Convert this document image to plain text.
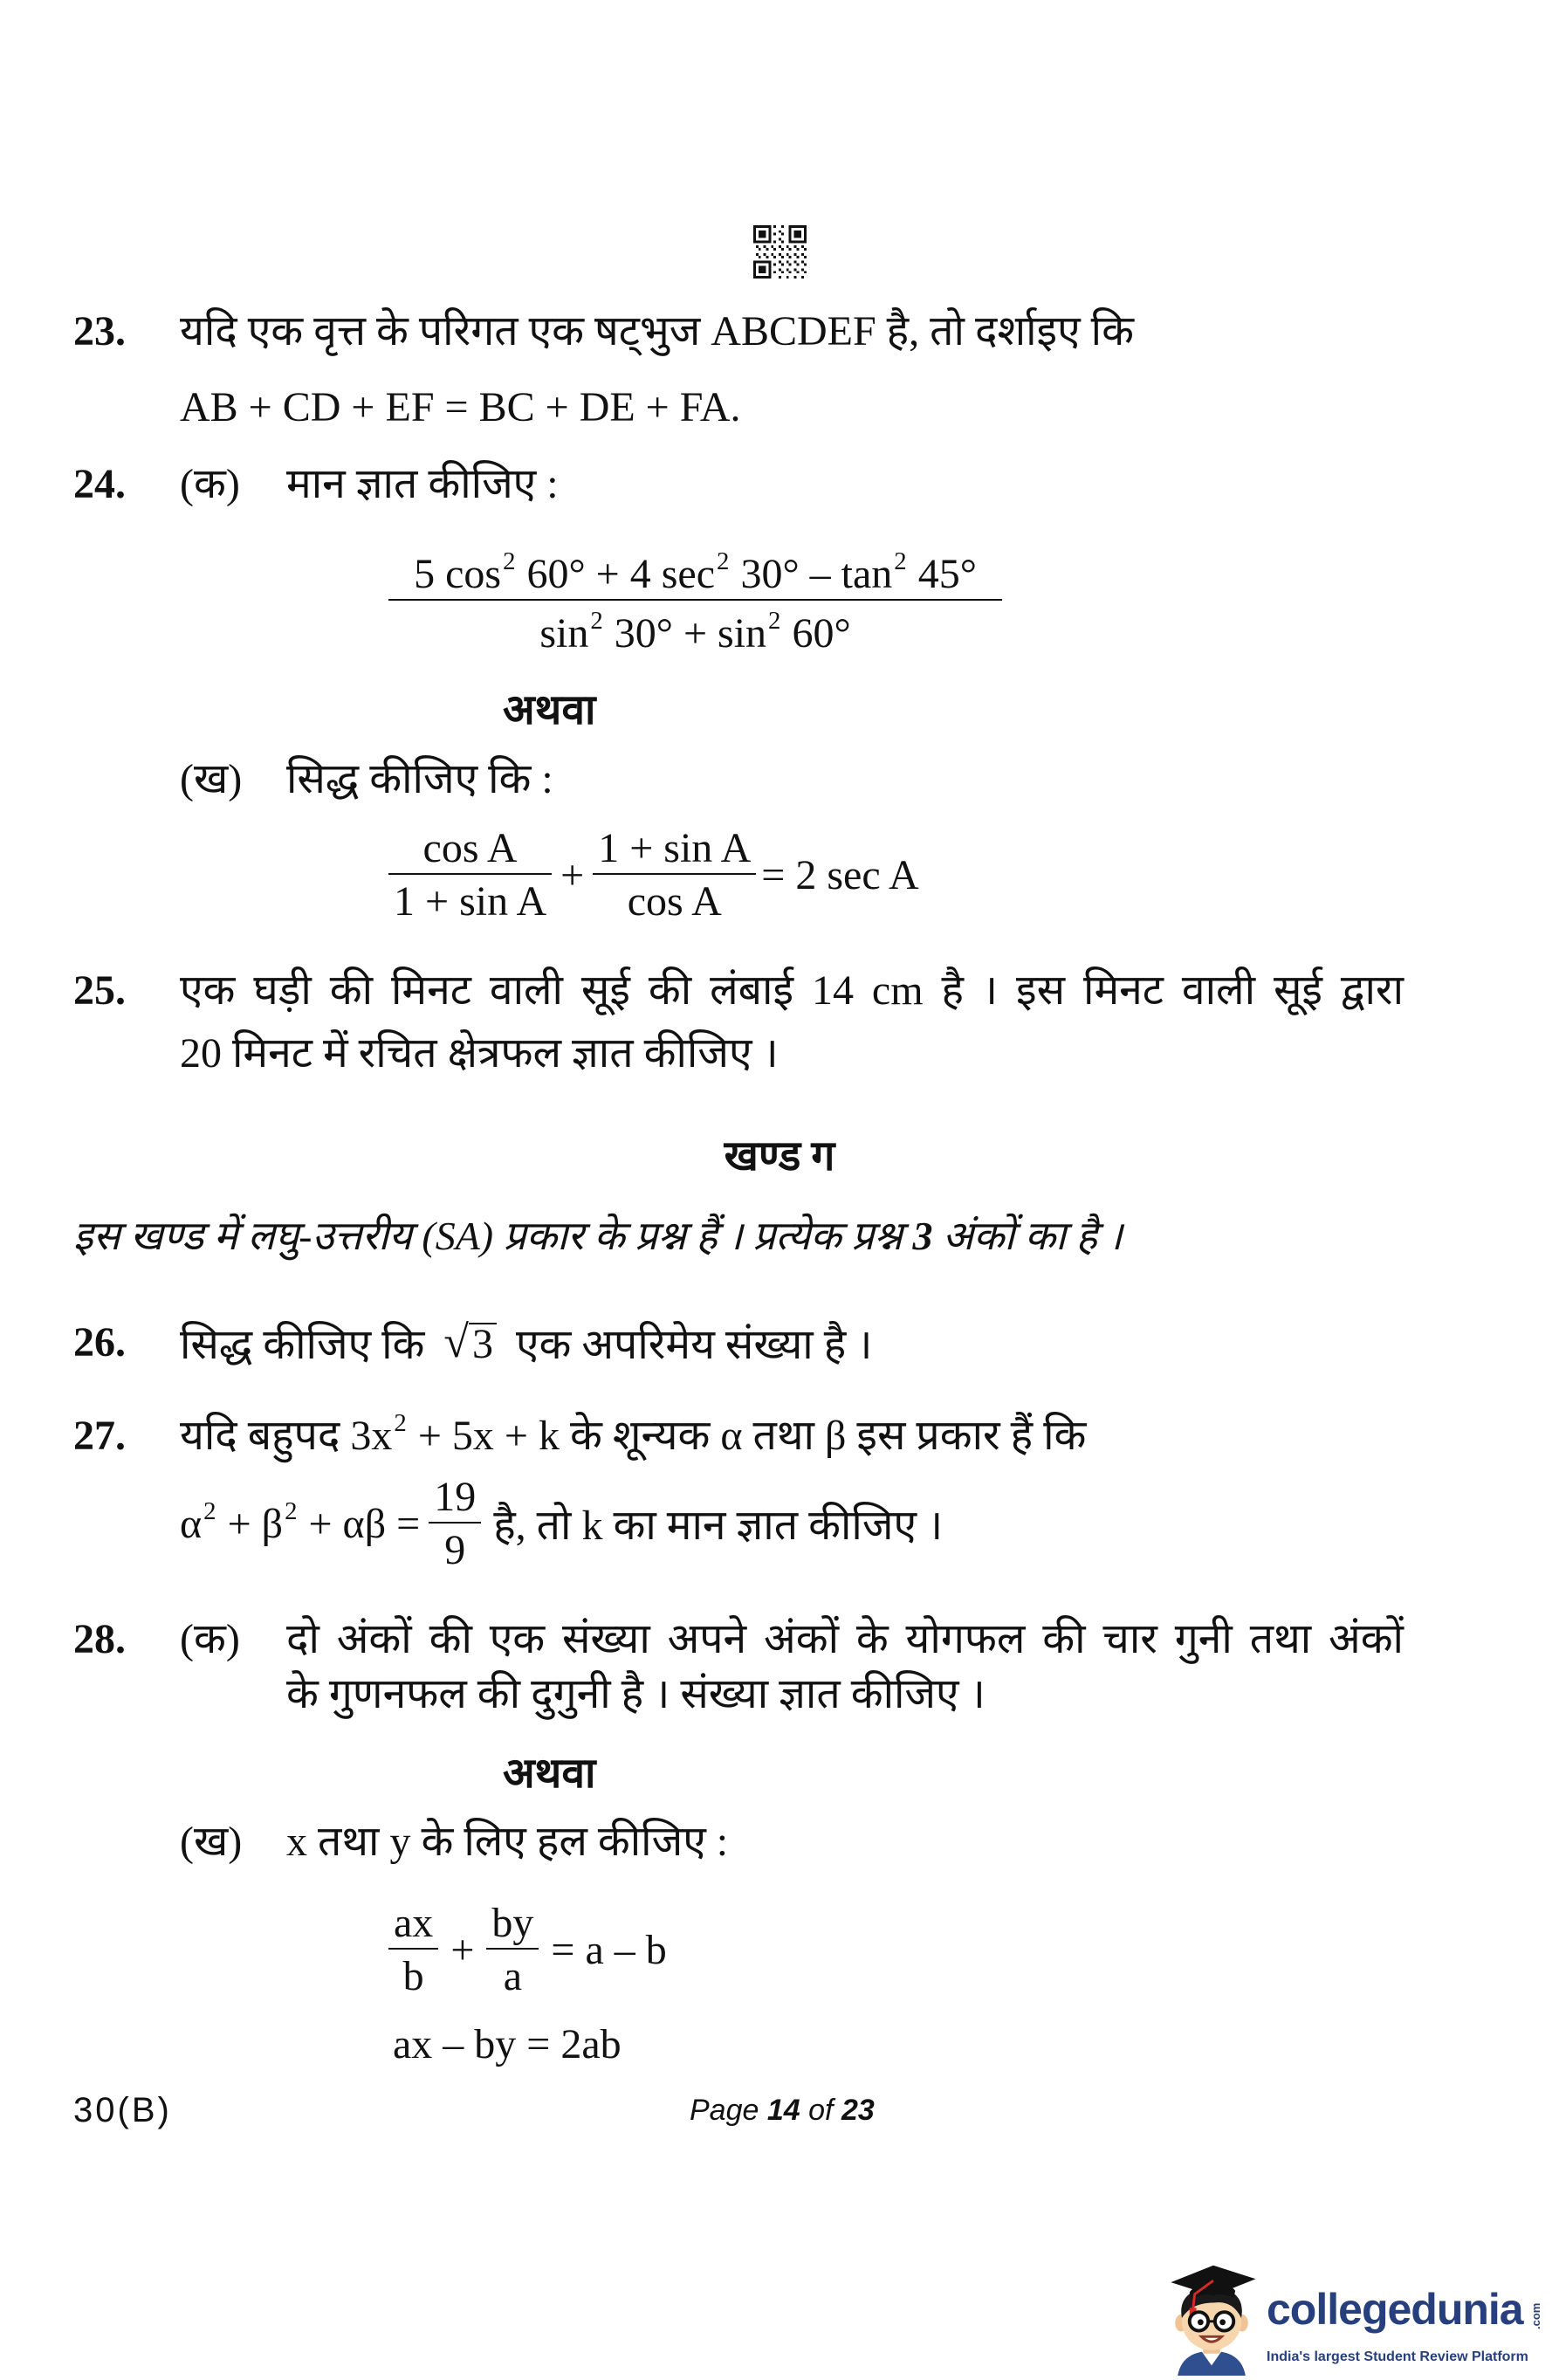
23. यदि एक वृत्त के परिगत एक षट्भुज ABCDEF है, तो दर्शाइए कि
AB + CD + EF = BC + DE + FA.
24. (क) मान ज्ञात कीजिए :
5 $\cos^2 60^\circ + 4$ $\sec^2 30^\circ - \tan^2 45^\circ$
$\sin^2 30^\circ + \sin^2 60^\circ$
अथवा
(ख) सिद्ध कीजिए कि :
$\frac{\text{cos A}}{\text{1 + sin A}} + \frac{\text{1 + sin A}}{\text{cos A}} = 2$ sec A
25. एक घड़ी की मिनट वाली सूई की लंबाई 14 cm है । इस मिनट वाली सूई द्वारा
20 मिनट में रचित क्षेत्रफल ज्ञात कीजिए ।
खण्ड ग
इस खण्ड में लघु-उत्तरीय (SA) प्रकार के प्रश्न हैं । प्रत्येक प्रश्न 3 अंकों का है ।
26. सिद्ध कीजिए कि √ 3 एक अपरिमेय संख्या है ।
27. यदि बहुपद $3x^2 + 5x + k$ के शून्यक α तथा β इस प्रकार हैं कि
$\alpha^2 + \beta^2 + \alpha\beta = \frac{19}{9}$ है, तो k का मान ज्ञात कीजिए ।
28. (क) दो अंकों की एक संख्या अपने अंकों के योगफल की चार गुनी तथा अंकों
के गुणनफल की दुगुनी है । संख्या ज्ञात कीजिए ।
अथवा
(ख) x तथा y के लिए हल कीजिए :
$\frac{ax}{b} + \frac{by}{a} = a - b$
ax – by = 2ab
30(B)	Page 14 of 23
collegedunia .com
India's largest Student Review Platform
